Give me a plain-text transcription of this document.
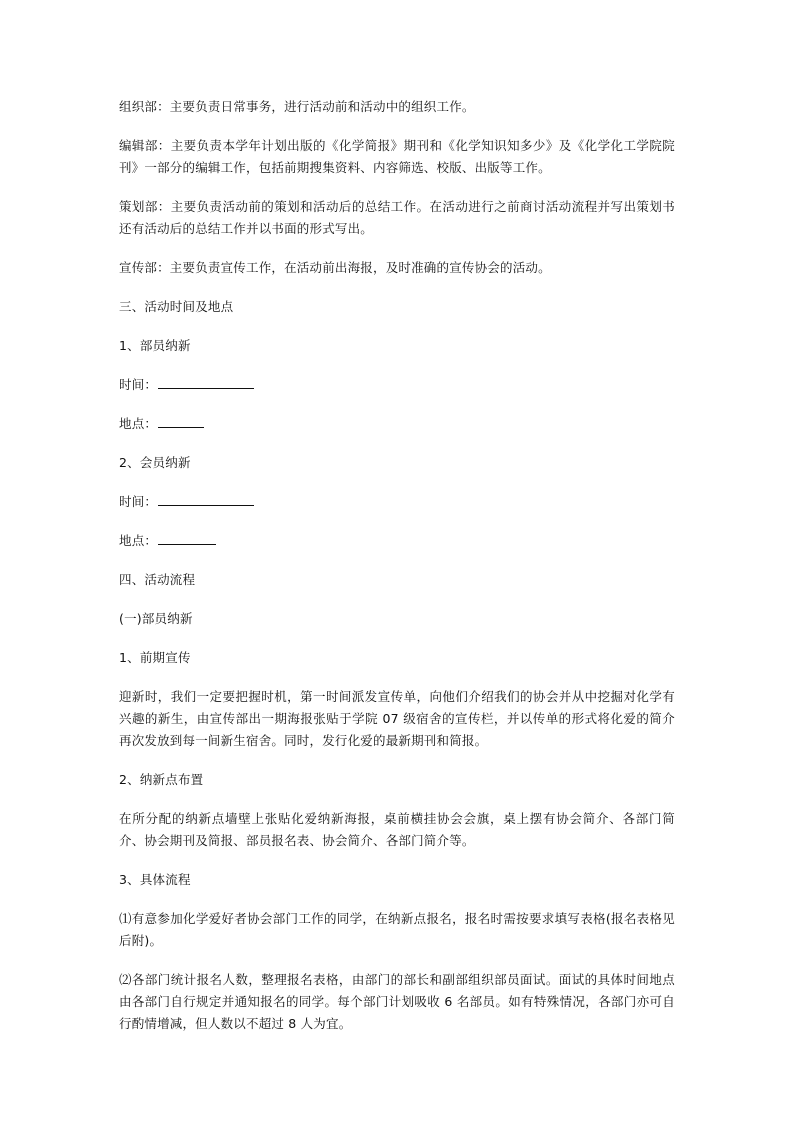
组织部：主要负责日常事务，进行活动前和活动中的组织工作。

编辑部：主要负责本学年计划出版的《化学简报》期刊和《化学知识知多少》及《化学化工学院院刊》一部分的编辑工作，包括前期搜集资料、内容筛选、校版、出版等工作。

策划部：主要负责活动前的策划和活动后的总结工作。在活动进行之前商讨活动流程并写出策划书还有活动后的总结工作并以书面的形式写出。

宣传部：主要负责宣传工作，在活动前出海报，及时准确的宣传协会的活动。

三、活动时间及地点

1、部员纳新

时间：

地点：

2、会员纳新

时间：

地点：

四、活动流程

(一)部员纳新

1、前期宣传

迎新时，我们一定要把握时机，第一时间派发宣传单，向他们介绍我们的协会并从中挖掘对化学有兴趣的新生，由宣传部出一期海报张贴于学院 07 级宿舍的宣传栏，并以传单的形式将化爱的简介再次发放到每一间新生宿舍。同时，发行化爱的最新期刊和简报。

2、纳新点布置

在所分配的纳新点墙壁上张贴化爱纳新海报，桌前横挂协会会旗，桌上摆有协会简介、各部门简介、协会期刊及简报、部员报名表、协会简介、各部门简介等。

3、具体流程

⑴有意参加化学爱好者协会部门工作的同学，在纳新点报名，报名时需按要求填写表格(报名表格见后附)。

⑵各部门统计报名人数，整理报名表格，由部门的部长和副部组织部员面试。面试的具体时间地点由各部门自行规定并通知报名的同学。每个部门计划吸收 6 名部员。如有特殊情况，各部门亦可自行酌情增减，但人数以不超过 8 人为宜。
